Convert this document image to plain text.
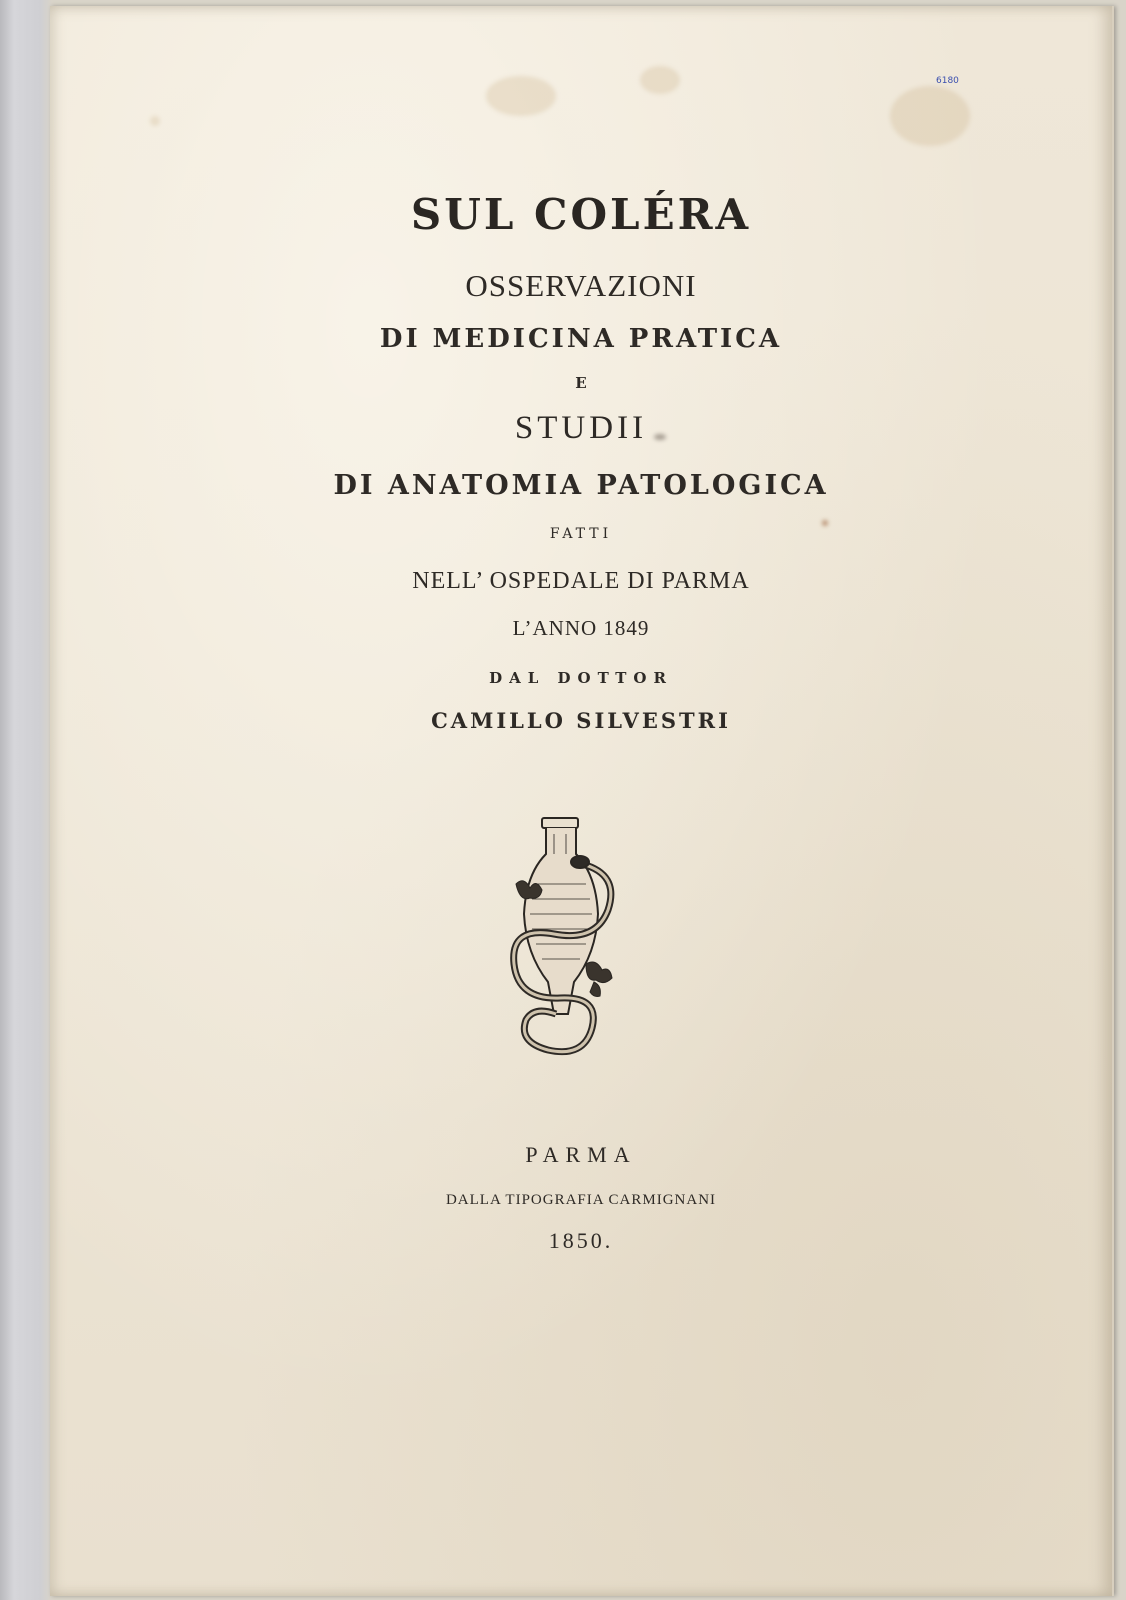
6180
SUL COLÉRA
OSSERVAZIONI
DI MEDICINA PRATICA
E
STUDII
DI ANATOMIA PATOLOGICA
FATTI
NELL’ OSPEDALE DI PARMA
L’ANNO 1849
DAL DOTTOR
CAMILLO SILVESTRI
PARMA
DALLA TIPOGRAFIA CARMIGNANI
1850.
